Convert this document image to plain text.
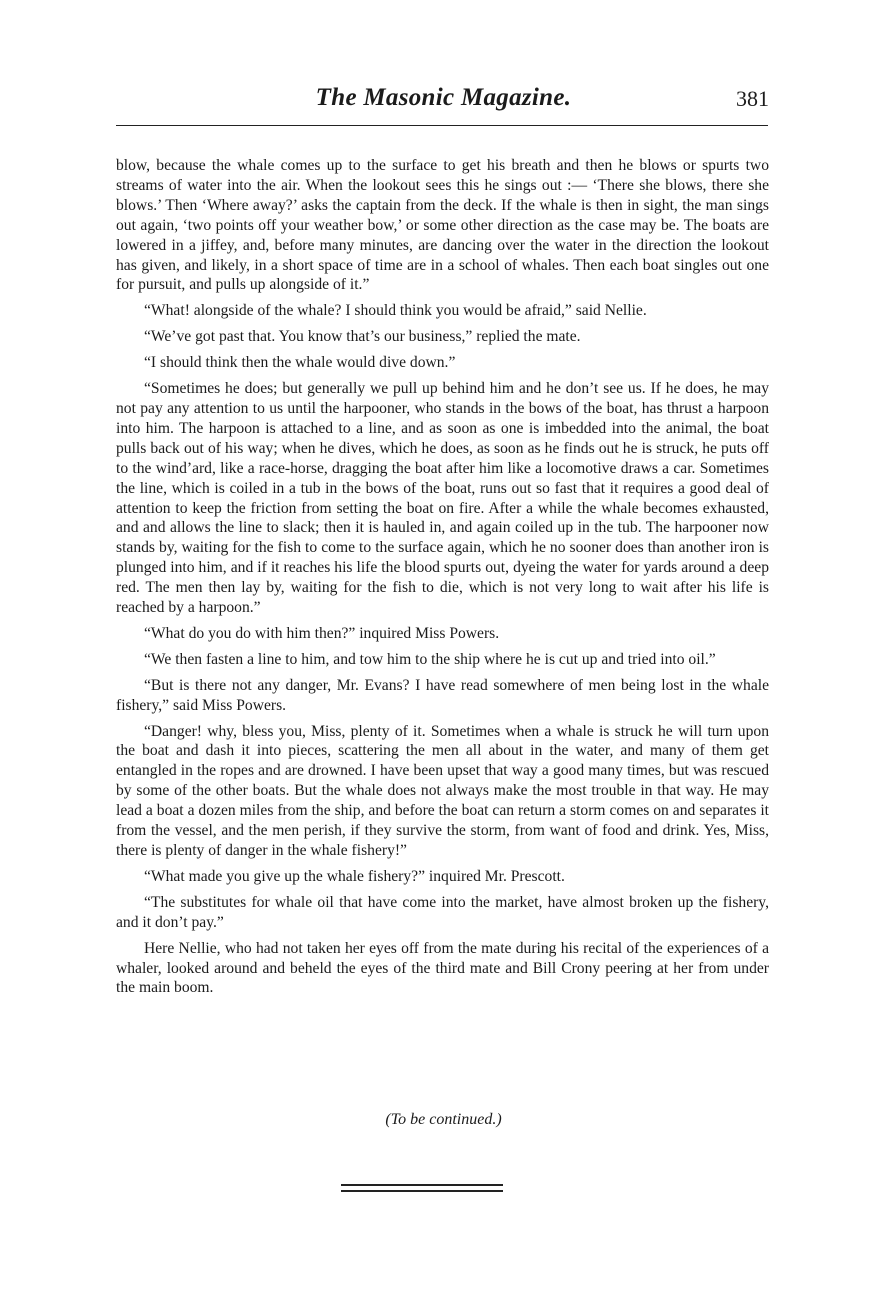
The Masonic Magazine.	381

blow, because the whale comes up to the surface to get his breath and then he blows or spurts two streams of water into the air. When the lookout sees this he sings out :— ‘There she blows, there she blows.’ Then ‘Where away?’ asks the captain from the deck. If the whale is then in sight, the man sings out again, ‘two points off your weather bow,’ or some other direction as the case may be. The boats are lowered in a jiffey, and, before many minutes, are dancing over the water in the direction the lookout has given, and likely, in a short space of time are in a school of whales. Then each boat singles out one for pursuit, and pulls up alongside of it.”

“What! alongside of the whale? I should think you would be afraid,” said Nellie.

“We’ve got past that. You know that’s our business,” replied the mate.

“I should think then the whale would dive down.”

“Sometimes he does; but generally we pull up behind him and he don’t see us. If he does, he may not pay any attention to us until the harpooner, who stands in the bows of the boat, has thrust a harpoon into him. The harpoon is attached to a line, and as soon as one is imbedded into the animal, the boat pulls back out of his way; when he dives, which he does, as soon as he finds out he is struck, he puts off to the wind’ard, like a race-horse, dragging the boat after him like a locomotive draws a car. Sometimes the line, which is coiled in a tub in the bows of the boat, runs out so fast that it requires a good deal of attention to keep the friction from setting the boat on fire. After a while the whale becomes exhausted, and and allows the line to slack; then it is hauled in, and again coiled up in the tub. The harpooner now stands by, waiting for the fish to come to the surface again, which he no sooner does than another iron is plunged into him, and if it reaches his life the blood spurts out, dyeing the water for yards around a deep red. The men then lay by, waiting for the fish to die, which is not very long to wait after his life is reached by a harpoon.”

“What do you do with him then?” inquired Miss Powers.

“We then fasten a line to him, and tow him to the ship where he is cut up and tried into oil.”

“But is there not any danger, Mr. Evans? I have read somewhere of men being lost in the whale fishery,” said Miss Powers.

“Danger! why, bless you, Miss, plenty of it. Sometimes when a whale is struck he will turn upon the boat and dash it into pieces, scattering the men all about in the water, and many of them get entangled in the ropes and are drowned. I have been upset that way a good many times, but was rescued by some of the other boats. But the whale does not always make the most trouble in that way. He may lead a boat a dozen miles from the ship, and before the boat can return a storm comes on and separates it from the vessel, and the men perish, if they survive the storm, from want of food and drink. Yes, Miss, there is plenty of danger in the whale fishery!”

“What made you give up the whale fishery?” inquired Mr. Prescott.

“The substitutes for whale oil that have come into the market, have almost broken up the fishery, and it don’t pay.”

Here Nellie, who had not taken her eyes off from the mate during his recital of the experiences of a whaler, looked around and beheld the eyes of the third mate and Bill Crony peering at her from under the main boom.

(To be continued.)
